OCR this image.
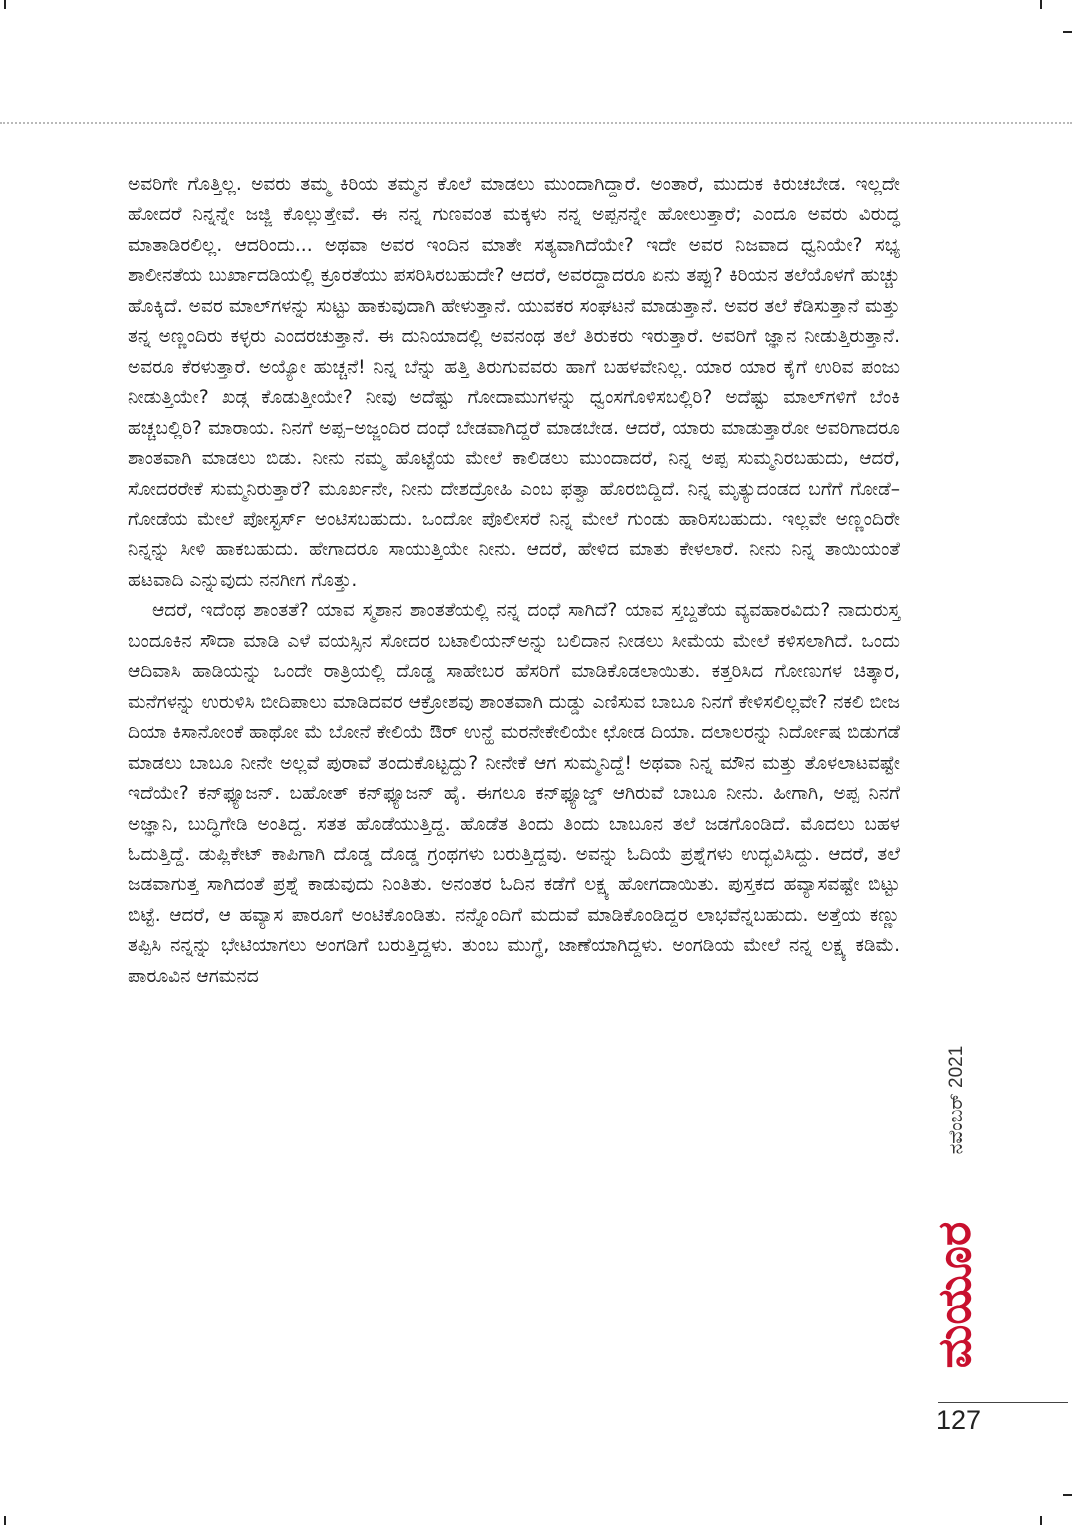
ಅವರಿಗೇ ಗೊತ್ತಿಲ್ಲ. ಅವರು ತಮ್ಮ ಕಿರಿಯ ತಮ್ಮನ ಕೊಲೆ ಮಾಡಲು ಮುಂದಾಗಿದ್ದಾರೆ. ಅಂತಾರೆ, ಮುದುಕ ಕಿರುಚಬೇಡ. ಇಲ್ಲದೇ ಹೋದರೆ ನಿನ್ನನ್ನೇ ಜಜ್ಜಿ ಕೊಲ್ಲುತ್ತೇವೆ. ಈ ನನ್ನ ಗುಣವಂತ ಮಕ್ಕಳು ನನ್ನ ಅಪ್ಪನನ್ನೇ ಹೋಲುತ್ತಾರೆ; ಎಂದೂ ಅವರು ವಿರುದ್ಧ ಮಾತಾಡಿರಲಿಲ್ಲ. ಆದರಿಂದು... ಅಥವಾ ಅವರ ಇಂದಿನ ಮಾತೇ ಸತ್ಯವಾಗಿದೆಯೇ? ಇದೇ ಅವರ ನಿಜವಾದ ಧ್ವನಿಯೇ? ಸಭ್ಯ ಶಾಲೀನತೆಯ ಬುರ್ಖಾದಡಿಯಲ್ಲಿ ಕ್ರೂರತೆಯು ಪಸರಿಸಿರಬಹುದೇ? ಆದರೆ, ಅವರದ್ದಾದರೂ ಏನು ತಪ್ಪು? ಕಿರಿಯನ ತಲೆಯೊಳಗೆ ಹುಚ್ಚು ಹೊಕ್ಕಿದೆ. ಅವರ ಮಾಲ್‌ಗಳನ್ನು ಸುಟ್ಟು ಹಾಕುವುದಾಗಿ ಹೇಳುತ್ತಾನೆ. ಯುವಕರ ಸಂಘಟನೆ ಮಾಡುತ್ತಾನೆ. ಅವರ ತಲೆ ಕೆಡಿಸುತ್ತಾನೆ ಮತ್ತು ತನ್ನ ಅಣ್ಣಂದಿರು ಕಳ್ಳರು ಎಂದರಚುತ್ತಾನೆ. ಈ ದುನಿಯಾದಲ್ಲಿ ಅವನಂಥ ತಲೆ ತಿರುಕರು ಇರುತ್ತಾರೆ. ಅವರಿಗೆ ಜ್ಞಾನ ನೀಡುತ್ತಿರುತ್ತಾನೆ. ಅವರೂ ಕೆರಳುತ್ತಾರೆ. ಅಯ್ಯೋ ಹುಚ್ಚನೆ! ನಿನ್ನ ಬೆನ್ನು ಹತ್ತಿ ತಿರುಗುವವರು ಹಾಗೆ ಬಹಳವೇನಿಲ್ಲ. ಯಾರ ಯಾರ ಕೈಗೆ ಉರಿವ ಪಂಜು ನೀಡುತ್ತಿಯೇ? ಖಡ್ಗ ಕೊಡುತ್ತೀಯೇ? ನೀವು ಅದೆಷ್ಟು ಗೋದಾಮುಗಳನ್ನು ಧ್ವಂಸಗೊಳಿಸಬಲ್ಲಿರಿ? ಅದೆಷ್ಟು ಮಾಲ್‌ಗಳಿಗೆ ಬೆಂಕಿ ಹಚ್ಚಬಲ್ಲಿರಿ? ಮಾರಾಯ. ನಿನಗೆ ಅಪ್ಪ–ಅಜ್ಜಂದಿರ ದಂಧೆ ಬೇಡವಾಗಿದ್ದರೆ ಮಾಡಬೇಡ. ಆದರೆ, ಯಾರು ಮಾಡುತ್ತಾರೋ ಅವರಿಗಾದರೂ ಶಾಂತವಾಗಿ ಮಾಡಲು ಬಿಡು. ನೀನು ನಮ್ಮ ಹೊಟ್ಟೆಯ ಮೇಲೆ ಕಾಲಿಡಲು ಮುಂದಾದರೆ, ನಿನ್ನ ಅಪ್ಪ ಸುಮ್ಮನಿರಬಹುದು, ಆದರೆ, ಸೋದರರೇಕೆ ಸುಮ್ಮನಿರುತ್ತಾರೆ? ಮೂರ್ಖನೇ, ನೀನು ದೇಶದ್ರೋಹಿ ಎಂಬ ಫತ್ವಾ ಹೊರಬಿದ್ದಿದೆ. ನಿನ್ನ ಮೃತ್ಯುದಂಡದ ಬಗೆಗೆ ಗೋಡೆ–ಗೋಡೆಯ ಮೇಲೆ ಪೋಸ್ಟರ್ಸ್ ಅಂಟಿಸಬಹುದು. ಒಂದೋ ಪೊಲೀಸರೆ ನಿನ್ನ ಮೇಲೆ ಗುಂಡು ಹಾರಿಸಬಹುದು. ಇಲ್ಲವೇ ಅಣ್ಣಂದಿರೇ ನಿನ್ನನ್ನು ಸೀಳಿ ಹಾಕಬಹುದು. ಹೇಗಾದರೂ ಸಾಯುತ್ತಿಯೇ ನೀನು. ಆದರೆ, ಹೇಳಿದ ಮಾತು ಕೇಳಲಾರೆ. ನೀನು ನಿನ್ನ ತಾಯಿಯಂತೆ ಹಟವಾದಿ ಎನ್ನುವುದು ನನಗೀಗ ಗೊತ್ತು.

ಆದರೆ, ಇದೆಂಥ ಶಾಂತತೆ? ಯಾವ ಸ್ಮಶಾನ ಶಾಂತತೆಯಲ್ಲಿ ನನ್ನ ದಂಧೆ ಸಾಗಿದೆ? ಯಾವ ಸ್ತಬ್ದತೆಯ ವ್ಯವಹಾರವಿದು? ನಾದುರುಸ್ತ ಬಂದೂಕಿನ ಸೌದಾ ಮಾಡಿ ಎಳೆ ವಯಸ್ಸಿನ ಸೋದರ ಬಟಾಲಿಯನ್‌ಅನ್ನು ಬಲಿದಾನ ನೀಡಲು ಸೀಮೆಯ ಮೇಲೆ ಕಳಿಸಲಾಗಿದೆ. ಒಂದು ಆದಿವಾಸಿ ಹಾಡಿಯನ್ನು ಒಂದೇ ರಾತ್ರಿಯಲ್ಲಿ ದೊಡ್ಡ ಸಾಹೇಬರ ಹೆಸರಿಗೆ ಮಾಡಿಕೊಡಲಾಯಿತು. ಕತ್ತರಿಸಿದ ಗೋಣುಗಳ ಚಿತ್ಕಾರ, ಮನೆಗಳನ್ನು ಉರುಳಿಸಿ ಬೀದಿಪಾಲು ಮಾಡಿದವರ ಆಕ್ರೋಶವು ಶಾಂತವಾಗಿ ದುಡ್ಡು ಎಣಿಸುವ ಬಾಬೂ ನಿನಗೆ ಕೇಳಿಸಲಿಲ್ಲವೇ? ನಕಲಿ ಬೀಜ ದಿಯಾ ಕಿಸಾನೋಂಕೆ ಹಾಥೋ ಮೆ ಬೋನೆ ಕೇಲಿಯೆ ಔರ್ ಉನ್ಹೆ ಮರನೇಕೇಲಿಯೇ ಛೋಡ ದಿಯಾ. ದಲಾಲರನ್ನು ನಿರ್ದೋಷ ಬಿಡುಗಡೆ ಮಾಡಲು ಬಾಬೂ ನೀನೇ ಅಲ್ಲವೆ ಪುರಾವೆ ತಂದುಕೊಟ್ಟದ್ದು? ನೀನೇಕೆ ಆಗ ಸುಮ್ಮನಿದ್ದೆ! ಅಥವಾ ನಿನ್ನ ಮೌನ ಮತ್ತು ತೊಳಲಾಟವಷ್ಟೇ ಇದೆಯೇ? ಕನ್‌ಫ್ಯೂಜನ್. ಬಹೋತ್ ಕನ್‌ಫ್ಯೂಜನ್ ಹೈ. ಈಗಲೂ ಕನ್‌ಫ್ಯೂಜ್ಡ್ ಆಗಿರುವೆ ಬಾಬೂ ನೀನು. ಹೀಗಾಗಿ, ಅಪ್ಪ ನಿನಗೆ ಅಜ್ಞಾನಿ, ಬುದ್ಧಿಗೇಡಿ ಅಂತಿದ್ದ. ಸತತ ಹೊಡೆಯುತ್ತಿದ್ದ. ಹೊಡೆತ ತಿಂದು ತಿಂದು ಬಾಬೂನ ತಲೆ ಜಡಗೊಂಡಿದೆ. ಮೊದಲು ಬಹಳ ಓದುತ್ತಿದ್ದೆ. ಡುಪ್ಲಿಕೇಟ್ ಕಾಪಿಗಾಗಿ ದೊಡ್ಡ ದೊಡ್ಡ ಗ್ರಂಥಗಳು ಬರುತ್ತಿದ್ದವು. ಅವನ್ನು ಓದಿಯೆ ಪ್ರಶ್ನೆಗಳು ಉದ್ಭವಿಸಿದ್ದು. ಆದರೆ, ತಲೆ ಜಡವಾಗುತ್ತ ಸಾಗಿದಂತೆ ಪ್ರಶ್ನೆ ಕಾಡುವುದು ನಿಂತಿತು. ಅನಂತರ ಓದಿನ ಕಡೆಗೆ ಲಕ್ಷ್ಯ ಹೋಗದಾಯಿತು. ಪುಸ್ತಕದ ಹವ್ಯಾಸವಷ್ಟೇ ಬಿಟ್ಟು ಬಿಟ್ಟೆ. ಆದರೆ, ಆ ಹವ್ಯಾಸ ಪಾರೂಗೆ ಅಂಟಿಕೊಂಡಿತು. ನನ್ನೊಂದಿಗೆ ಮದುವೆ ಮಾಡಿಕೊಂಡಿದ್ದರ ಲಾಭವೆನ್ನಬಹುದು. ಅತ್ತೆಯ ಕಣ್ಣು ತಪ್ಪಿಸಿ ನನ್ನನ್ನು ಭೇಟಿಯಾಗಲು ಅಂಗಡಿಗೆ ಬರುತ್ತಿದ್ದಳು. ತುಂಬ ಮುಗ್ಧೆ, ಜಾಣೆಯಾಗಿದ್ದಳು. ಅಂಗಡಿಯ ಮೇಲೆ ನನ್ನ ಲಕ್ಷ್ಯ ಕಡಿಮೆ. ಪಾರೂವಿನ ಆಗಮನದ

ನವೆಂಬರ್ 2021
ಮಯೂರ
127
